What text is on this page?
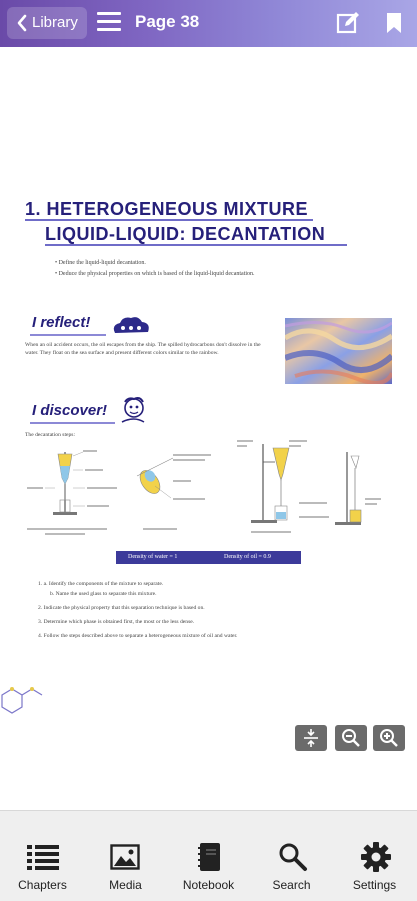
Library	Page 38
1. HETEROGENEOUS MIXTURE
LIQUID-LIQUID: DECANTATION
• Define the liquid-liquid decantation.
• Deduce the physical properties on which is based of the liquid-liquid decantation.
I reflect!
When an oil accident occurs, the oil escapes from the ship. The spilled hydrocarbons don't dissolve in the water. They float on the sea surface and present different colors similar to the rainbow.
I discover!
The decantation steps:
Density of water = 1	Density of oil = 0.9
1. a. Identify the components of the mixture to separate.
b. Name the used glass to separate this mixture.
2. Indicate the physical property that this separation technique is based on.
3. Determine which phase is obtained first, the most or the less dense.
4. Follow the steps described above to separate a heterogeneous mixture of oil and water.
Chapters	Media	Notebook	Search	Settings
